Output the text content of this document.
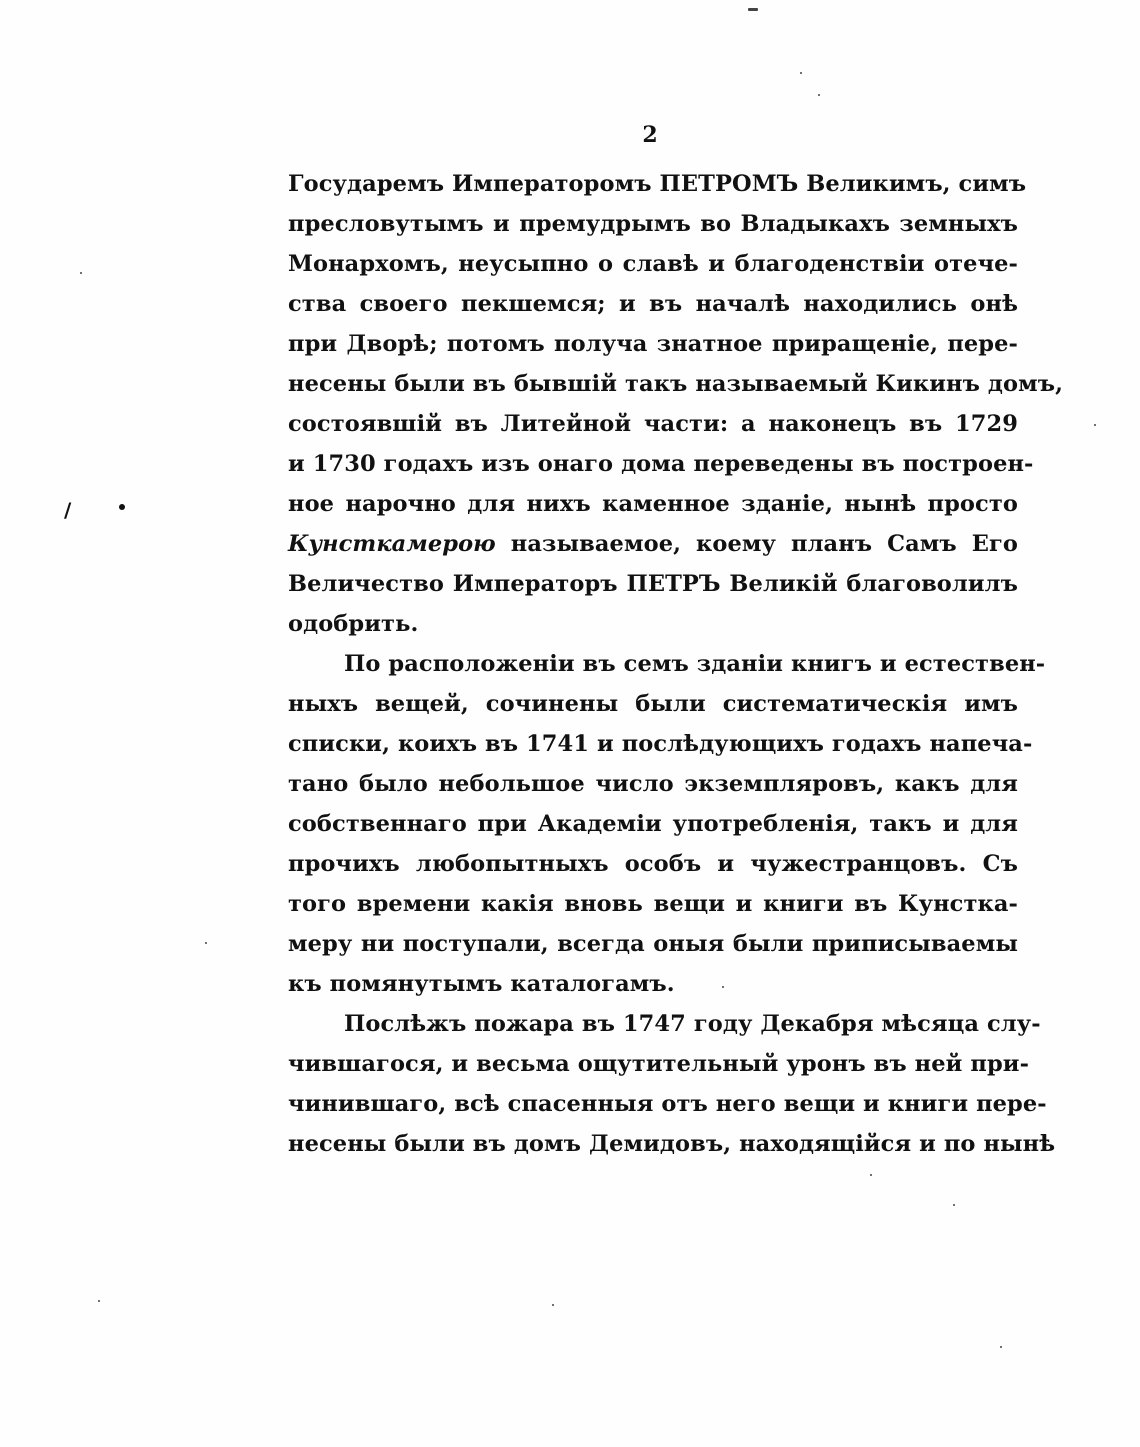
2
Государемъ Императоромъ ПЕТРОМЪ Великимъ, симъ
пресловутымъ и премудрымъ во Владыкахъ земныхъ
Монархомъ, неусыпно о славѣ и благоденствіи отече-
ства своего пекшемся; и въ началѣ находились онѣ
при Дворѣ; потомъ получа знатное приращеніе, пере-
несены были въ бывшій такъ называемый Кикинъ домъ,
состоявшій въ Литейной части: а наконецъ въ 1729
и 1730 годахъ изъ онаго дома переведены въ построен-
ное нарочно для нихъ каменное зданіе, нынѣ просто
Кунсткамерою называемое, коему планъ Самъ Его
Величество Императоръ ПЕТРЪ Великій благоволилъ
одобрить.
По расположеніи въ семъ зданіи книгъ и естествен-
ныхъ вещей, сочинены были систематическія имъ
списки, коихъ въ 1741 и послѣдующихъ годахъ напеча-
тано было небольшое число экземпляровъ, какъ для
собственнаго при Академіи употребленія, такъ и для
прочихъ любопытныхъ особъ и чужестранцовъ. Съ
того времени какія вновь вещи и книги въ Кунстка-
меру ни поступали, всегда оныя были приписываемы
къ помянутымъ каталогамъ.
Послѣжъ пожара въ 1747 году Декабря мѣсяца слу-
чившагося, и весьма ощутительный уронъ въ ней при-
чинившаго, всѣ спасенныя отъ него вещи и книги пере-
несены были въ домъ Демидовъ, находящійся и по нынѣ
/
